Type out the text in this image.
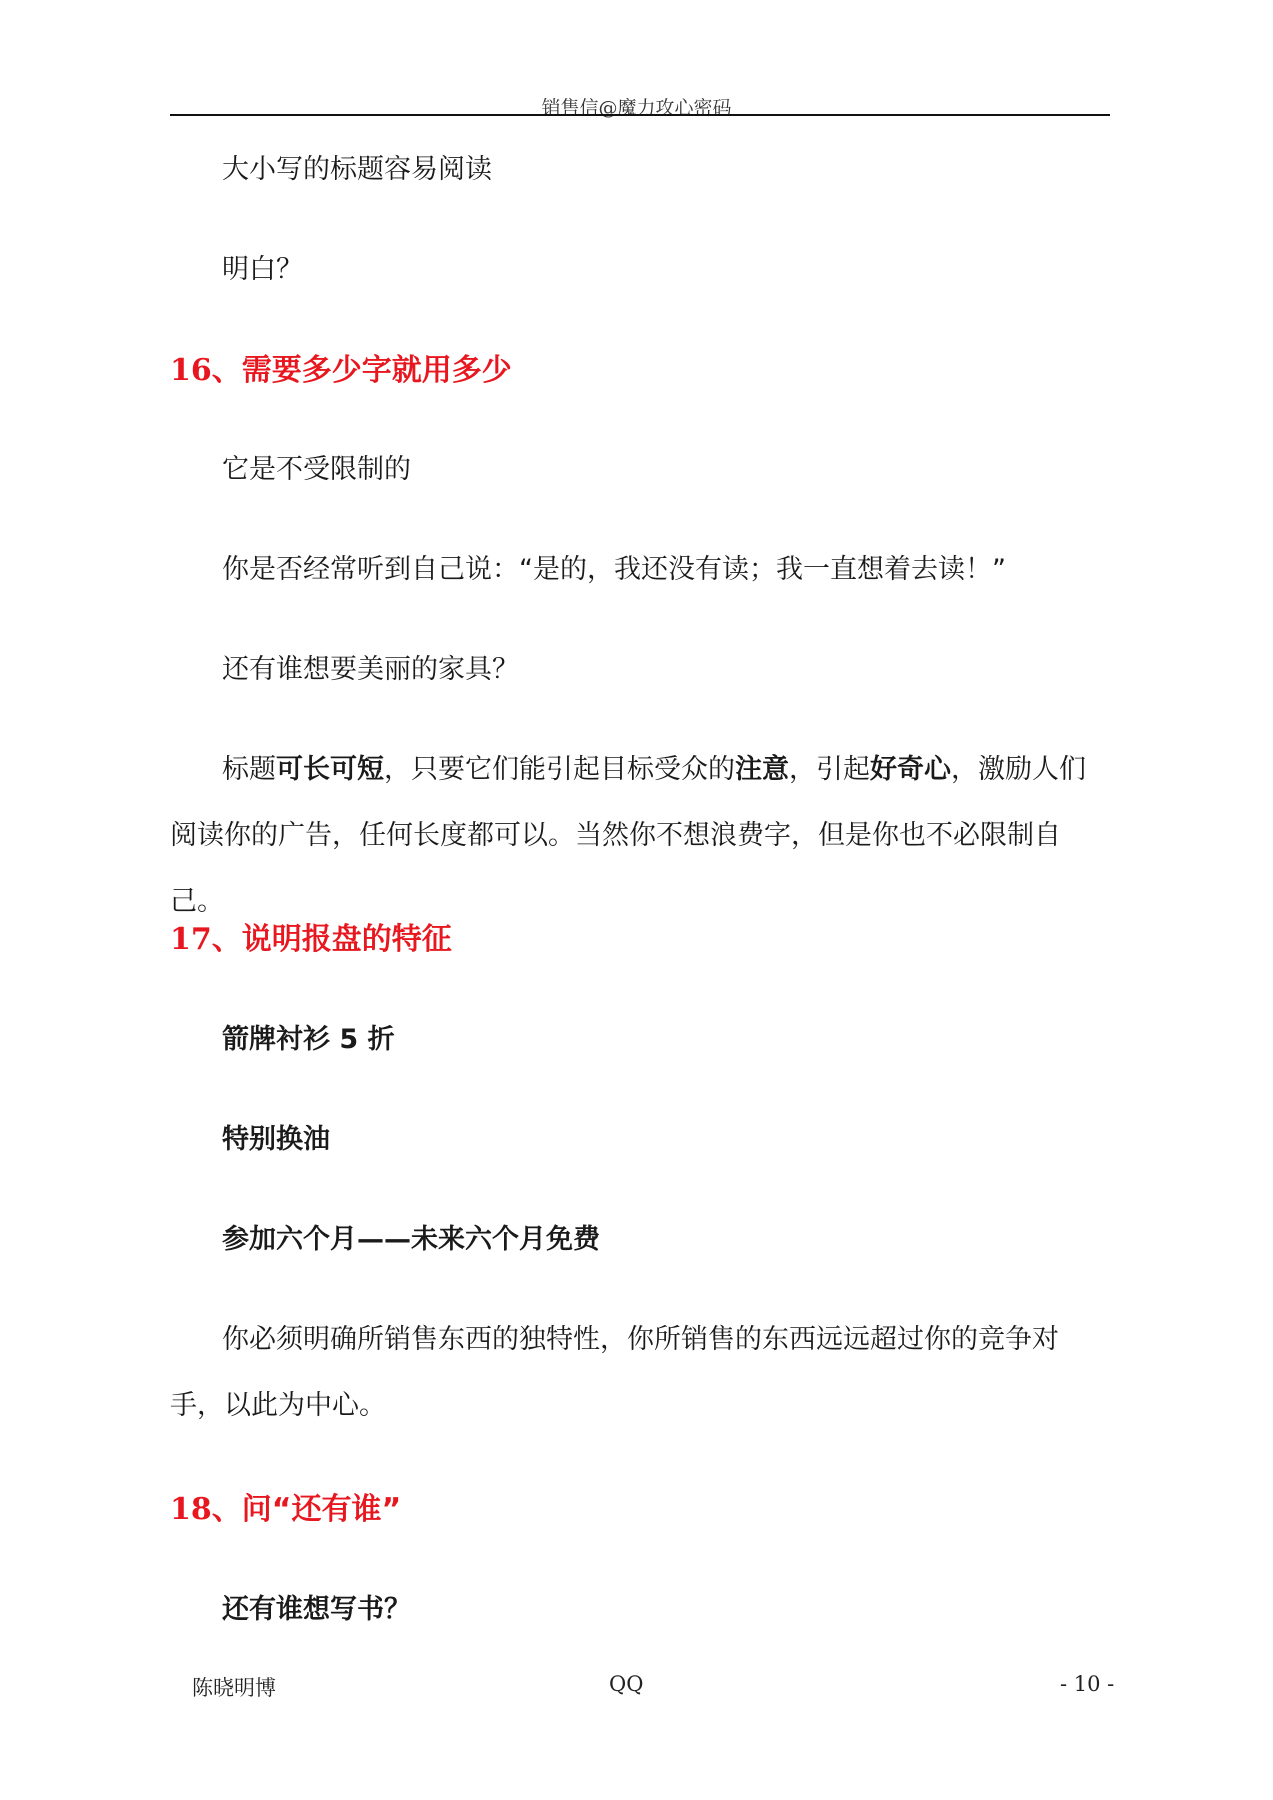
销售信@魔力攻心密码
大小写的标题容易阅读
明白？
16、需要多少字就用多少
它是不受限制的
你是否经常听到自己说：“是的，我还没有读；我一直想着去读！”
还有谁想要美丽的家具？
标题可长可短，只要它们能引起目标受众的注意，引起好奇心，激励人们阅读你的广告，任何长度都可以。当然你不想浪费字，但是你也不必限制自己。
17、说明报盘的特征
箭牌衬衫 5 折
特别换油
参加六个月——未来六个月免费
你必须明确所销售东西的独特性，你所销售的东西远远超过你的竞争对手，以此为中心。
18、问“还有谁”
还有谁想写书？
陈晓明博	QQ	- 10 -
